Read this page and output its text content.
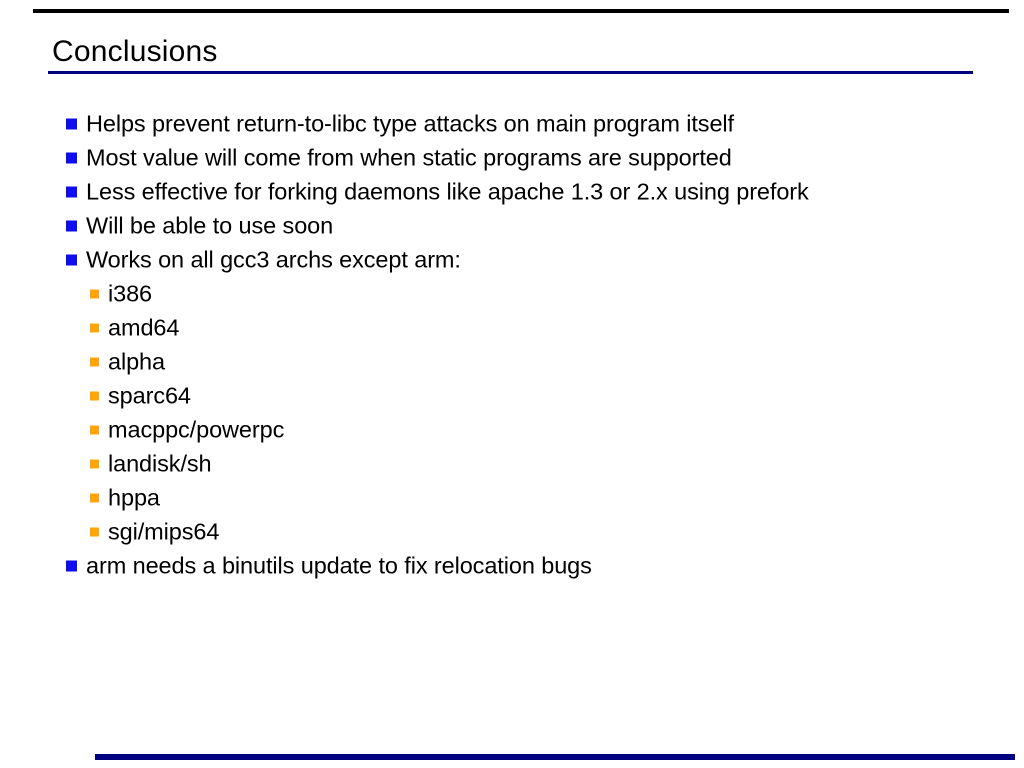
Conclusions
Helps prevent return-to-libc type attacks on main program itself
Most value will come from when static programs are supported
Less effective for forking daemons like apache 1.3 or 2.x using prefork
Will be able to use soon
Works on all gcc3 archs except arm:
i386
amd64
alpha
sparc64
macppc/powerpc
landisk/sh
hppa
sgi/mips64
arm needs a binutils update to fix relocation bugs
